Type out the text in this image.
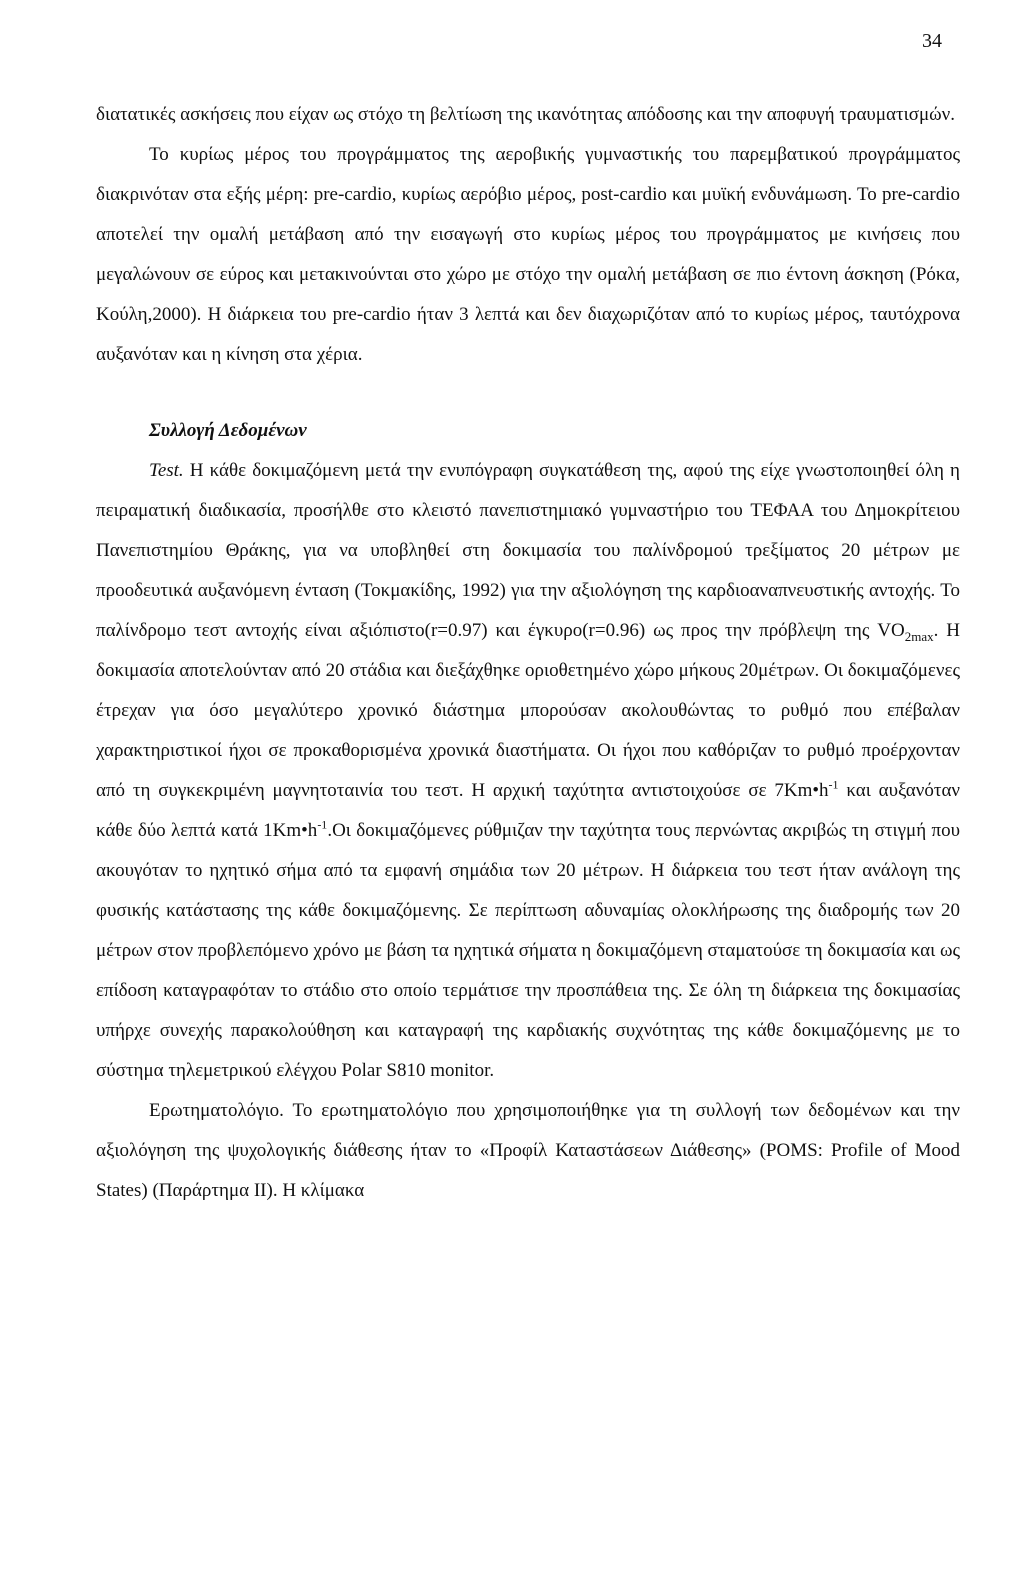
34

διατατικές ασκήσεις που είχαν ως στόχο τη βελτίωση της ικανότητας απόδοσης και την αποφυγή τραυματισμών.

Το κυρίως μέρος του προγράμματος της αεροβικής γυμναστικής του παρεμβατικού προγράμματος διακρινόταν στα εξής μέρη: pre-cardio, κυρίως αερόβιο μέρος, post-cardio και μυϊκή ενδυνάμωση. Το pre-cardio αποτελεί την ομαλή μετάβαση από την εισαγωγή στο κυρίως μέρος του προγράμματος με κινήσεις που μεγαλώνουν σε εύρος και μετακινούνται στο χώρο με στόχο την ομαλή μετάβαση σε πιο έντονη άσκηση (Ρόκα, Κούλη,2000). Η διάρκεια του pre-cardio ήταν 3 λεπτά και δεν διαχωριζόταν από το κυρίως μέρος, ταυτόχρονα αυξανόταν και η κίνηση στα χέρια.

Συλλογή Δεδομένων

Test. Η κάθε δοκιμαζόμενη μετά την ενυπόγραφη συγκατάθεση της, αφού της είχε γνωστοποιηθεί όλη η πειραματική διαδικασία, προσήλθε στο κλειστό πανεπιστημιακό γυμναστήριο του ΤΕΦΑΑ του Δημοκρίτειου Πανεπιστημίου Θράκης, για να υποβληθεί στη δοκιμασία του παλίνδρομού τρεξίματος 20 μέτρων με προοδευτικά αυξανόμενη ένταση (Τοκμακίδης, 1992) για την αξιολόγηση της καρδιοαναπνευστικής αντοχής. Το παλίνδρομο τεστ αντοχής είναι αξιόπιστο(r=0.97) και έγκυρο(r=0.96) ως προς την πρόβλεψη της $VO_{2max}$. Η δοκιμασία αποτελούνταν από 20 στάδια και διεξάχθηκε οριοθετημένο χώρο μήκους 20μέτρων. Οι δοκιμαζόμενες έτρεχαν για όσο μεγαλύτερο χρονικό διάστημα μπορούσαν ακολουθώντας το ρυθμό που επέβαλαν χαρακτηριστικοί ήχοι σε προκαθορισμένα χρονικά διαστήματα. Οι ήχοι που καθόριζαν το ρυθμό προέρχονταν από τη συγκεκριμένη μαγνητοταινία του τεστ. Η αρχική ταχύτητα αντιστοιχούσε σε $7Km•h^{-1}$ και αυξανόταν κάθε δύο λεπτά κατά $1Km•h^{-1}.O\iota$ δοκιμαζόμενες ρύθμιζαν την ταχύτητα τους περνώντας ακριβώς τη στιγμή που ακουγόταν το ηχητικό σήμα από τα εμφανή σημάδια των 20 μέτρων. Η διάρκεια του τεστ ήταν ανάλογη της φυσικής κατάστασης της κάθε δοκιμαζόμενης. Σε περίπτωση αδυναμίας ολοκλήρωσης της διαδρομής των 20 μέτρων στον προβλεπόμενο χρόνο με βάση τα ηχητικά σήματα η δοκιμαζόμενη σταματούσε τη δοκιμασία και ως επίδοση καταγραφόταν το στάδιο στο οποίο τερμάτισε την προσπάθεια της. Σε όλη τη διάρκεια της δοκιμασίας υπήρχε συνεχής παρακολούθηση και καταγραφή της καρδιακής συχνότητας της κάθε δοκιμαζόμενης με το σύστημα τηλεμετρικού ελέγχου Polar S810 monitor.

Ερωτηματολόγιο. Το ερωτηματολόγιο που χρησιμοποιήθηκε για τη συλλογή των δεδομένων και την αξιολόγηση της ψυχολογικής διάθεσης ήταν το «Προφίλ Καταστάσεων Διάθεσης» (POMS: Profile of Mood States) (Παράρτημα ΙΙ). Η κλίμακα
